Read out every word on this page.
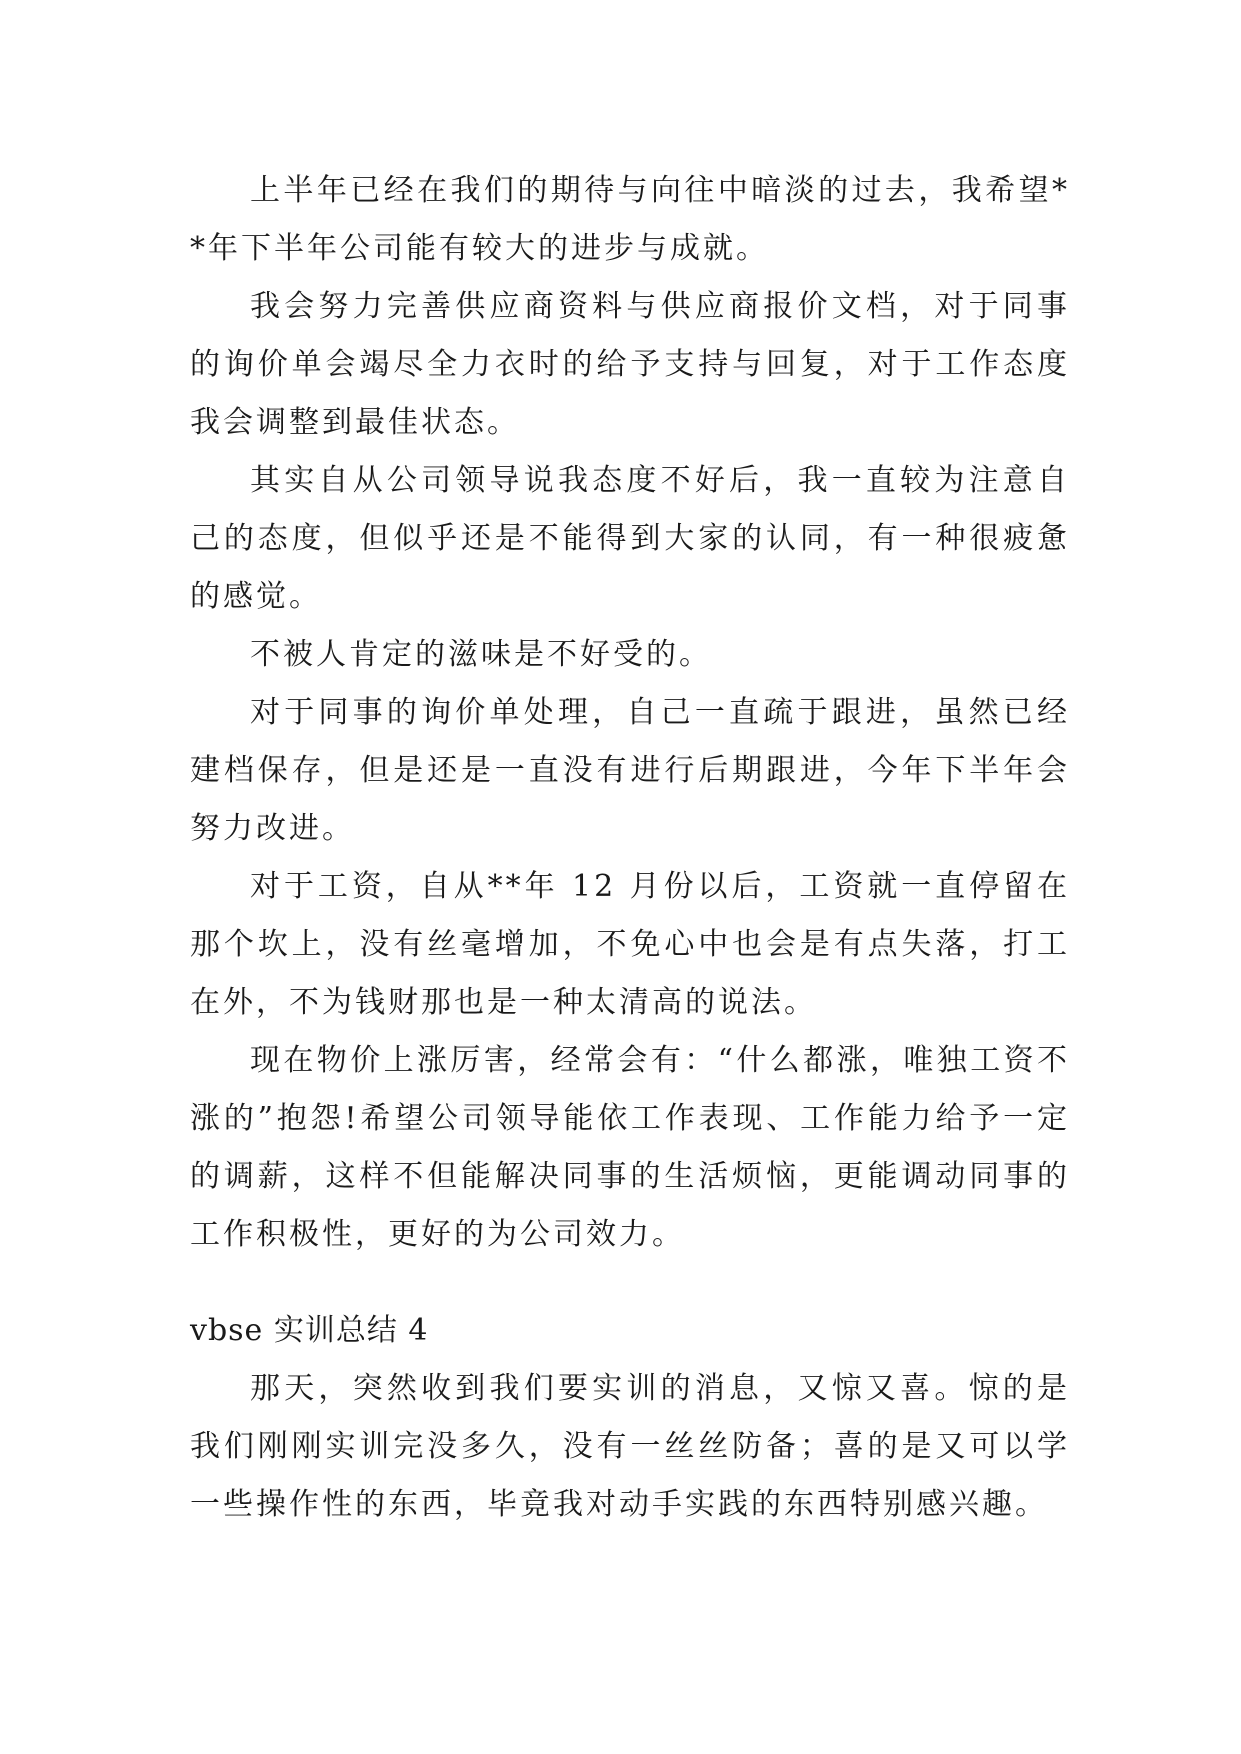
上半年已经在我们的期待与向往中暗淡的过去，我希望**年下半年公司能有较大的进步与成就。

我会努力完善供应商资料与供应商报价文档，对于同事的询价单会竭尽全力衣时的给予支持与回复，对于工作态度我会调整到最佳状态。

其实自从公司领导说我态度不好后，我一直较为注意自己的态度，但似乎还是不能得到大家的认同，有一种很疲惫的感觉。

不被人肯定的滋味是不好受的。

对于同事的询价单处理，自己一直疏于跟进，虽然已经建档保存，但是还是一直没有进行后期跟进，今年下半年会努力改进。

对于工资，自从**年 12 月份以后，工资就一直停留在那个坎上，没有丝毫增加，不免心中也会是有点失落，打工在外，不为钱财那也是一种太清高的说法。

现在物价上涨厉害，经常会有：“什么都涨，唯独工资不涨的”抱怨!希望公司领导能依工作表现、工作能力给予一定的调薪，这样不但能解决同事的生活烦恼，更能调动同事的工作积极性，更好的为公司效力。

vbse 实训总结 4

那天，突然收到我们要实训的消息，又惊又喜。惊的是我们刚刚实训完没多久，没有一丝丝防备；喜的是又可以学一些操作性的东西，毕竟我对动手实践的东西特别感兴趣。
